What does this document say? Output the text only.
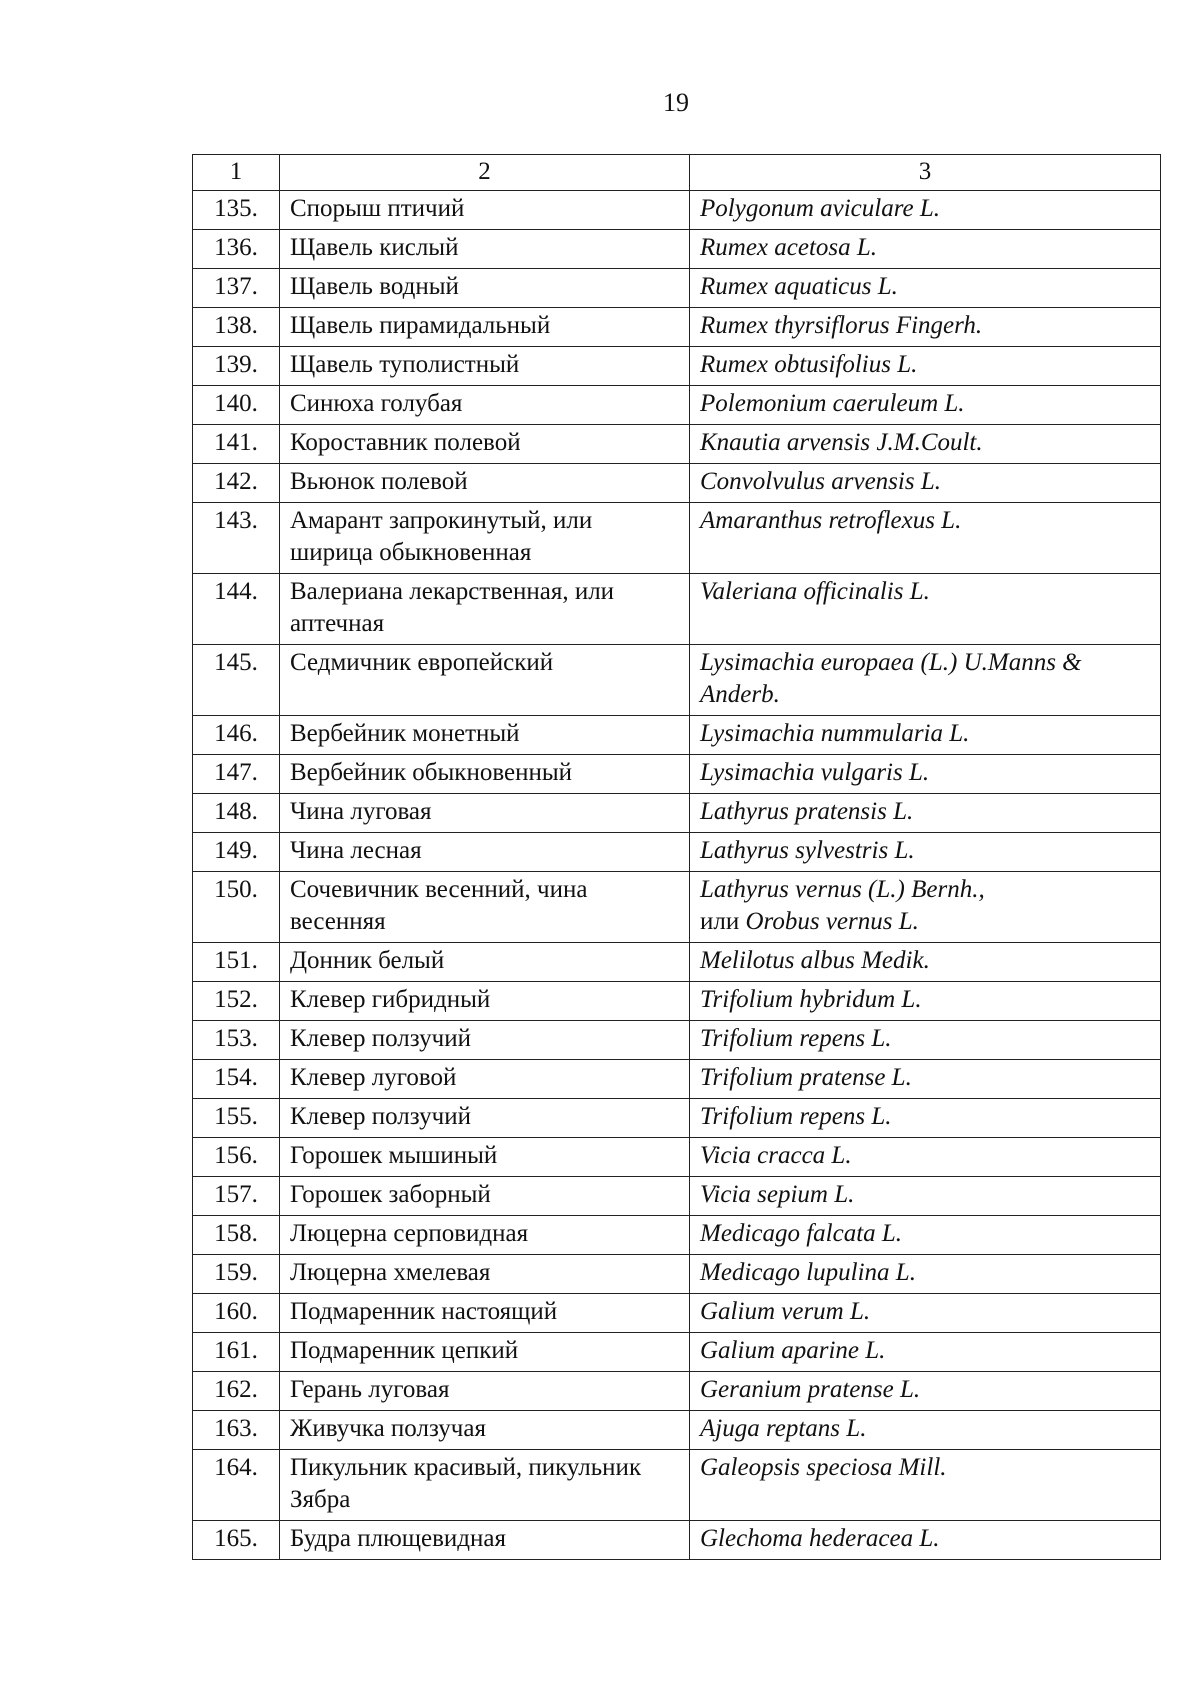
19
1	2	3
135.	Спорыш птичий	Polygonum aviculare L.

136.	Щавель кислый	Rumex acetosa L.

137.	Щавель водный	Rumex aquaticus L.

138.	Щавель пирамидальный	Rumex thyrsiflorus Fingerh.

139.	Щавель туполистный	Rumex obtusifolius L.

140.	Синюха голубая	Polemonium caeruleum L.

141.	Короставник полевой	Knautia arvensis J.M.Coult.

142.	Вьюнок полевой	Convolvulus arvensis L.

143.	Амарант запрокинутый, или ширица обыкновенная	Amaranthus retroflexus L.

144.	Валериана лекарственная, или аптечная	Valeriana officinalis L.

145.	Седмичник европейский	Lysimachia europaea (L.) U.Manns & Anderb.

146.	Вербейник монетный	Lysimachia nummularia L.

147.	Вербейник обыкновенный	Lysimachia vulgaris L.

148.	Чина луговая	Lathyrus pratensis L.

149.	Чина лесная	Lathyrus sylvestris L.

150.	Сочевичник весенний, чина весенняя	Lathyrus vernus (L.) Bernh.,
или Orobus vernus L.

151.	Донник белый	Melilotus albus Medik.

152.	Клевер гибридный	Trifolium hybridum L.

153.	Клевер ползучий	Trifolium repens L.

154.	Клевер луговой	Trifolium pratense L.

155.	Клевер ползучий	Trifolium repens L.

156.	Горошек мышиный	Vicia cracca L.

157.	Горошек заборный	Vicia sepium L.

158.	Люцерна серповидная	Medicago falcata L.

159.	Люцерна хмелевая	Medicago lupulina L.

160.	Подмаренник настоящий	Galium verum L.

161.	Подмаренник цепкий	Galium aparine L.

162.	Герань луговая	Geranium pratense L.

163.	Живучка ползучая	Ajuga reptans L.

164.	Пикульник красивый, пикульник Зябра	Galeopsis speciosa Mill.

165.	Будра плющевидная	Glechoma hederacea L.
